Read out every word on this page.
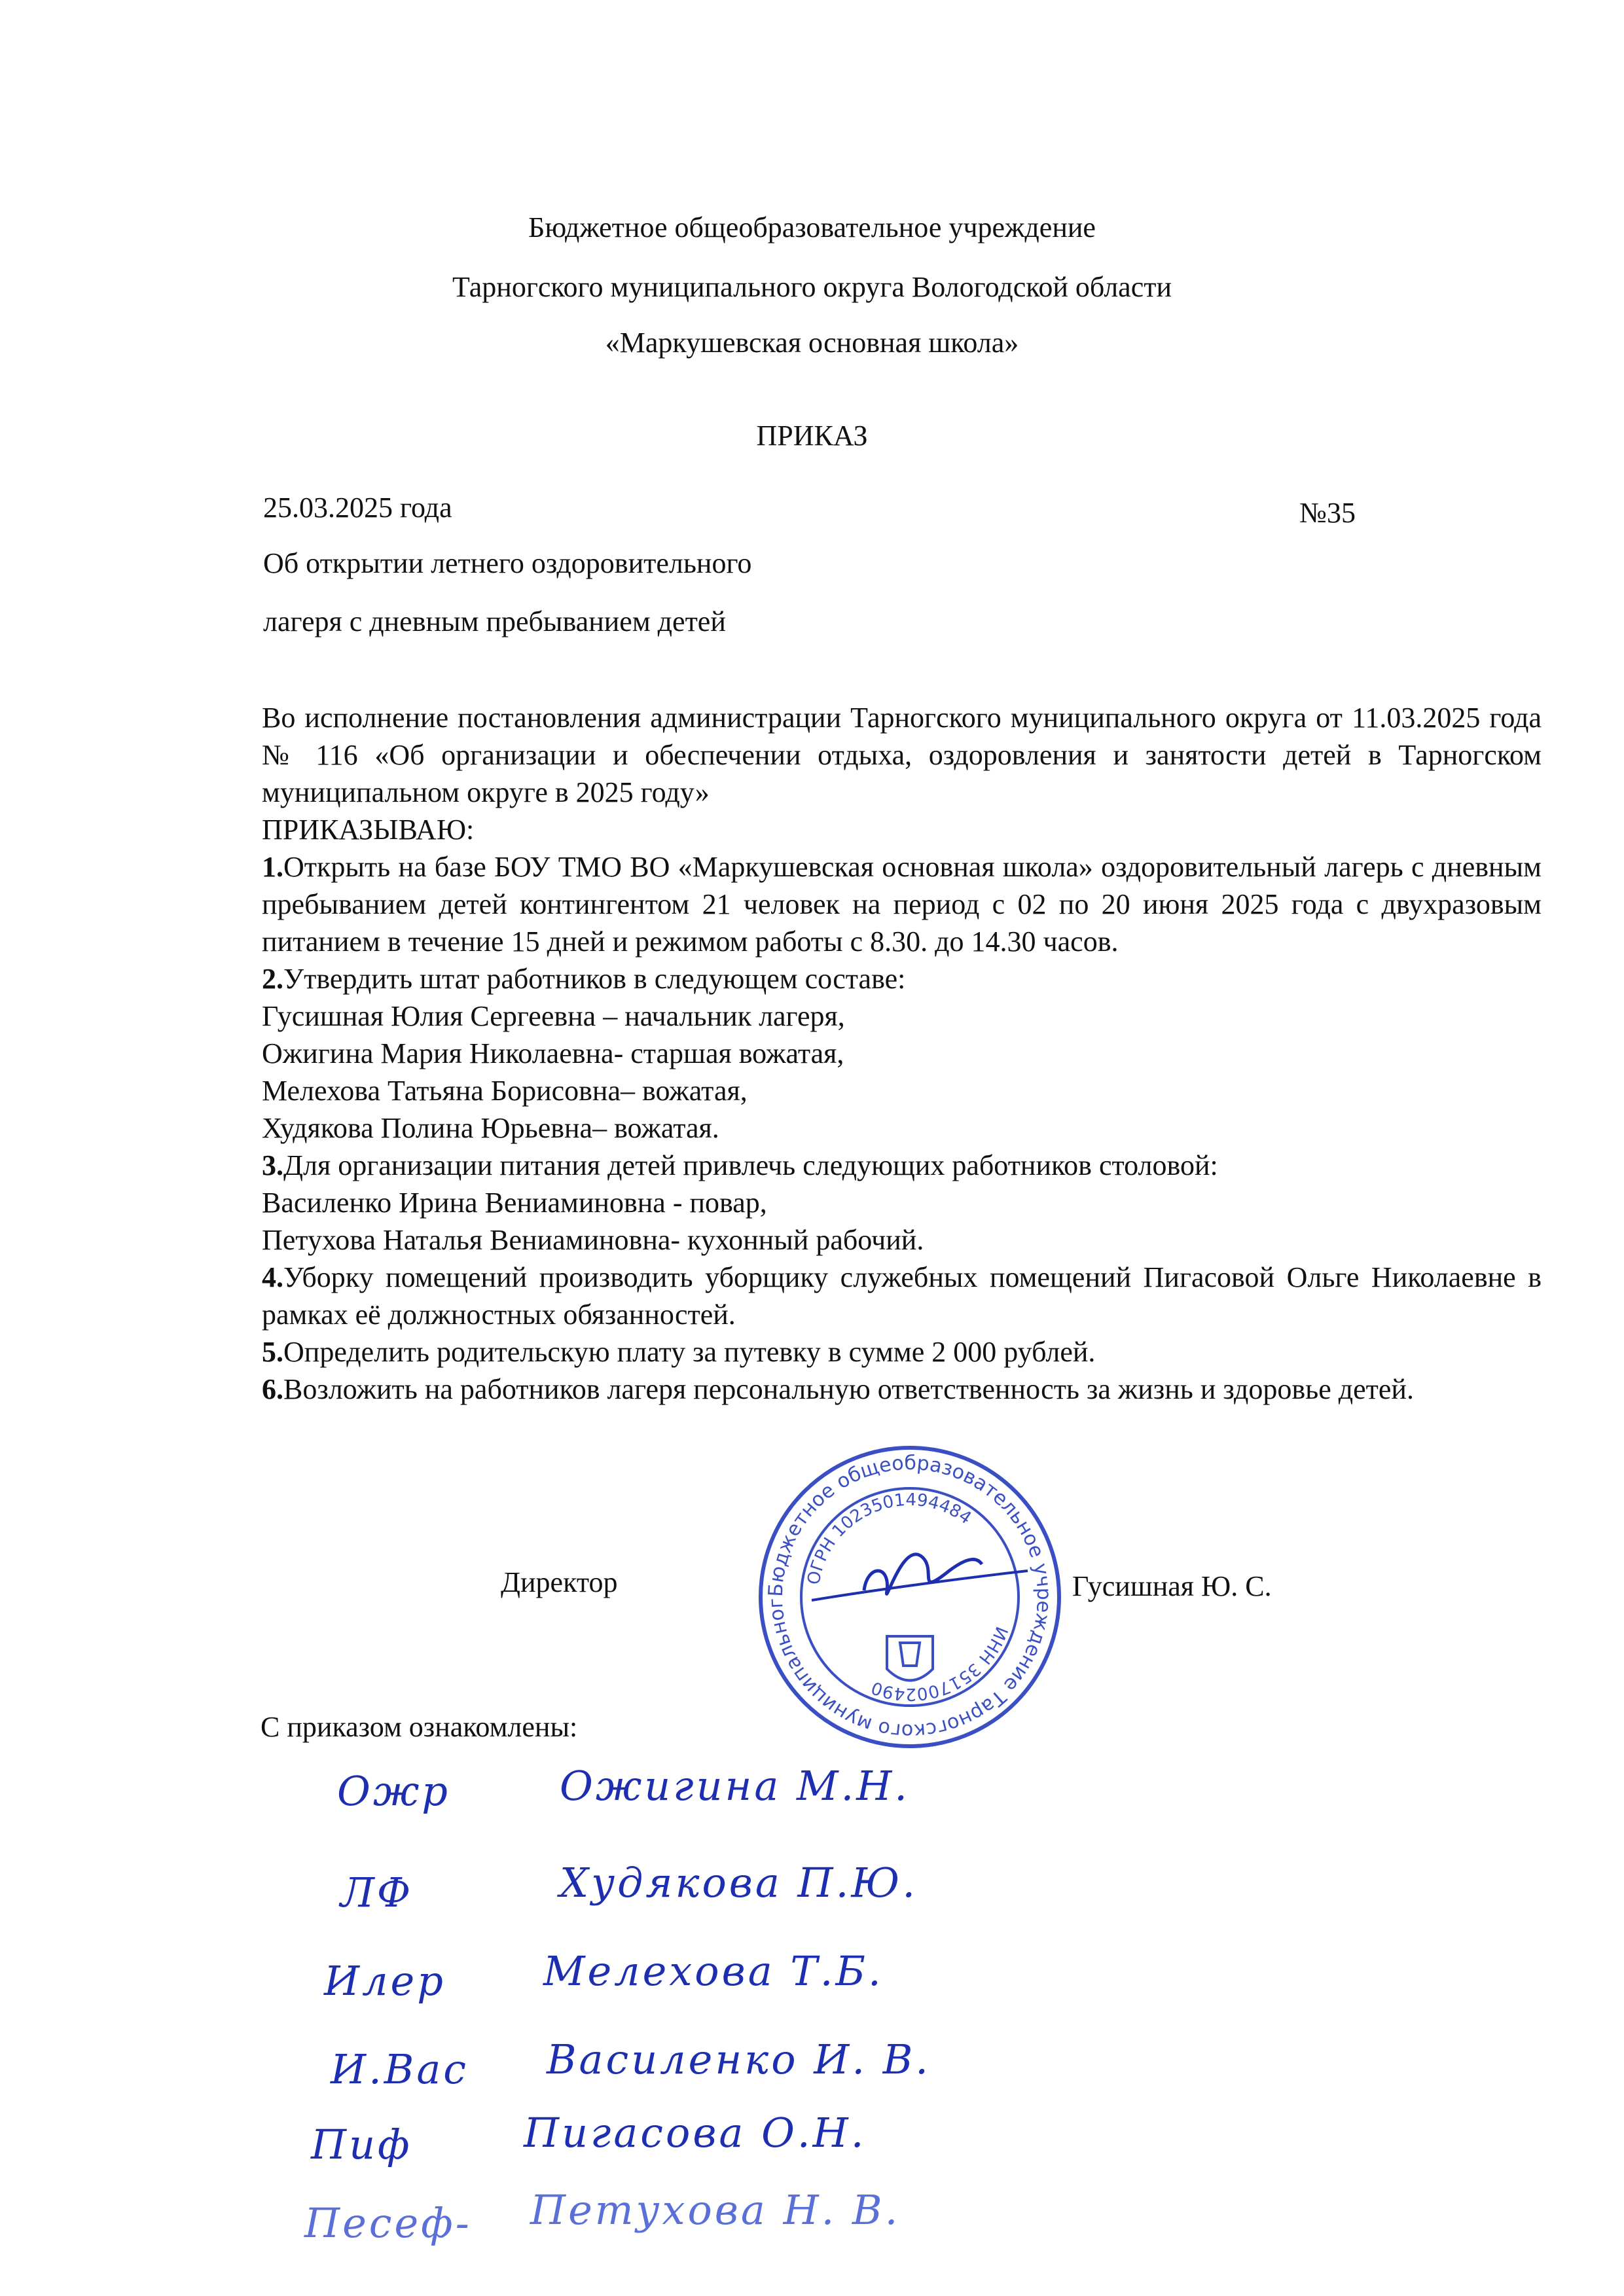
Бюджетное общеобразовательное учреждение
Тарногского муниципального округа Вологодской области
«Маркушевская основная школа»
ПРИКАЗ
25.03.2025 года	№35
Об открытии летнего оздоровительного
лагеря с дневным пребыванием детей

Во исполнение постановления администрации Тарногского муниципального округа от 11.03.2025 года № 116 «Об организации и обеспечении отдыха, оздоровления и занятости детей в Тарногском муниципальном округе в 2025 году»

ПРИКАЗЫВАЮ:

1.Открыть на базе БОУ ТМО ВО «Маркушевская основная школа» оздоровительный лагерь с дневным пребыванием детей контингентом 21 человек на период с 02 по 20 июня 2025 года с двухразовым питанием в течение 15 дней и режимом работы с 8.30. до 14.30 часов.

2.Утвердить штат работников в следующем составе:

Гусишная Юлия Сергеевна – начальник лагеря,

Ожигина Мария Николаевна- старшая вожатая,

Мелехова Татьяна Борисовна– вожатая,

Худякова Полина Юрьевна– вожатая.

3.Для организации питания детей привлечь следующих работников столовой:

Василенко Ирина Вениаминовна - повар,

Петухова Наталья Вениаминовна- кухонный рабочий.

4.Уборку помещений производить уборщику служебных помещений Пигасовой Ольге Николаевне в рамках её должностных обязанностей.

5.Определить родительскую плату за путевку в сумме 2 000 рублей.

6.Возложить на работников лагеря персональную ответственность за жизнь и здоровье детей.

Бюджетное общеобразовательное учреждение Тарногского муниципального округа Вологодской области «Маркушевская основная школа»
ОГРН 1023501494484
ИНН 3517002490
Директор	Гусишная Ю. С.
С приказом ознакомлены:
Ожр	Ожигина М.Н.
ЛФ	Худякова П.Ю.
Илер Мелехова Т.Б.
И.Вас Василенко И. В.
Пиф	Пигасова О.Н.
Песеф- Петухова Н. В.
